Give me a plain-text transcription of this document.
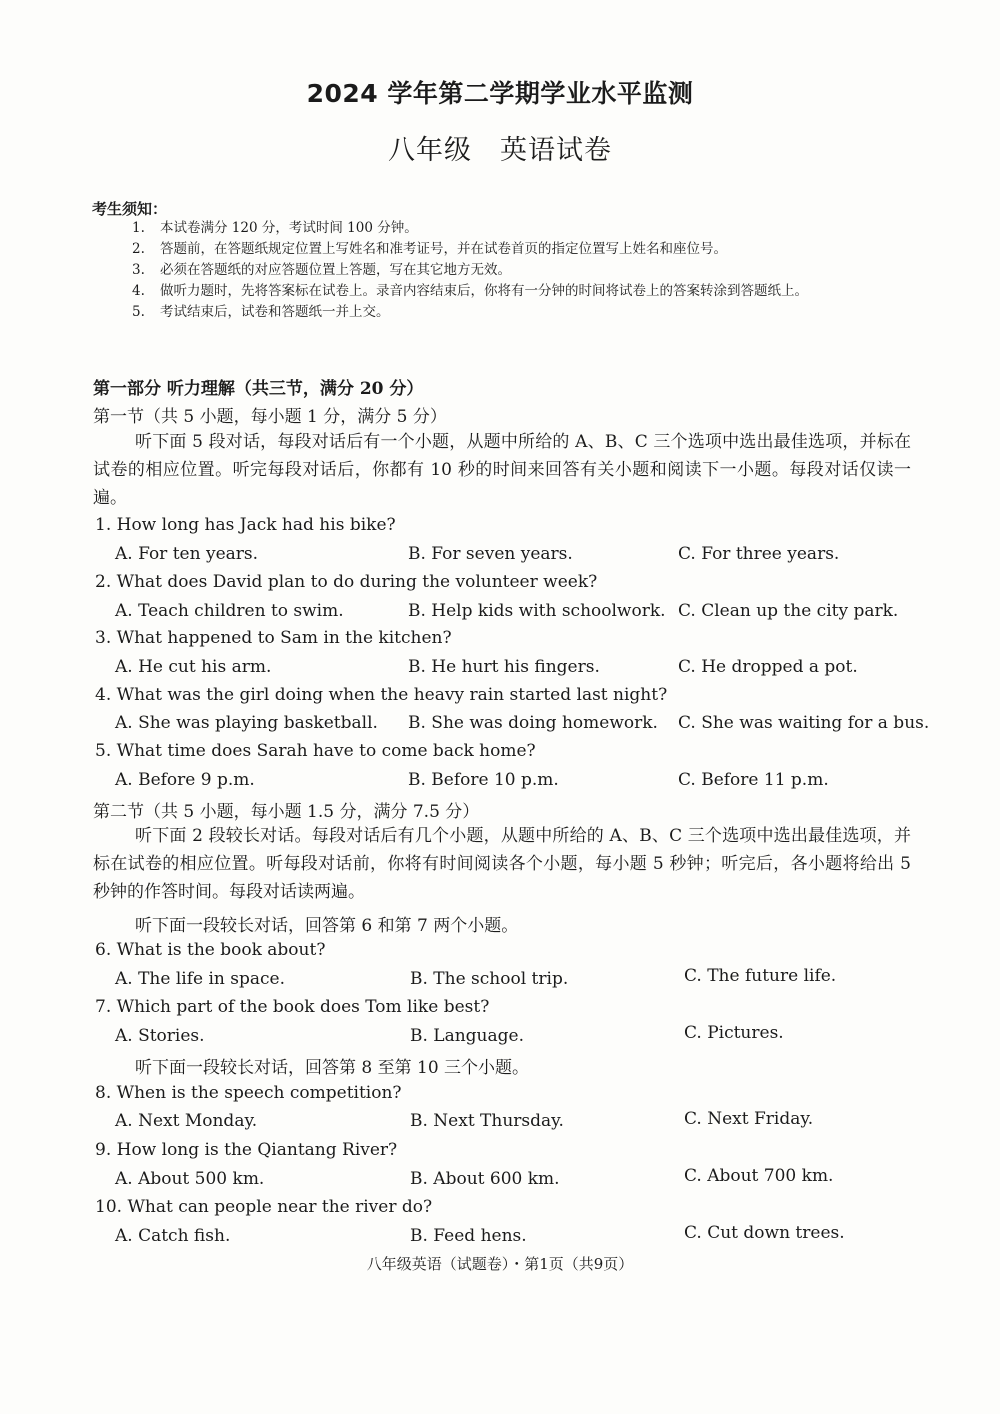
2024 学年第二学期学业水平监测
八年级　英语试卷
考生须知：
1.	本试卷满分 120 分，考试时间 100 分钟。
2.	答题前，在答题纸规定位置上写姓名和准考证号，并在试卷首页的指定位置写上姓名和座位号。
3.	必须在答题纸的对应答题位置上答题，写在其它地方无效。
4.	做听力题时，先将答案标在试卷上。录音内容结束后，你将有一分钟的时间将试卷上的答案转涂到答题纸上。
5.	考试结束后，试卷和答题纸一并上交。
第一部分 听力理解（共三节，满分 20 分）
第一节（共 5 小题，每小题 1 分，满分 5 分）
听下面 5 段对话，每段对话后有一个小题，从题中所给的 A、B、C 三个选项中选出最佳选项，并标在试卷的相应位置。听完每段对话后，你都有 10 秒的时间来回答有关小题和阅读下一小题。每段对话仅读一遍。
1. How long has Jack had his bike?
A. For ten years.	B. For seven years.	C. For three years.
2. What does David plan to do during the volunteer week?
A. Teach children to swim.	B. Help kids with schoolwork. C. Clean up the city park.
3. What happened to Sam in the kitchen?
A. He cut his arm.	B. He hurt his fingers.	C. He dropped a pot.
4. What was the girl doing when the heavy rain started last night?
A. She was playing basketball. B. She was doing homework. C. She was waiting for a bus.
5. What time does Sarah have to come back home?
A. Before 9 p.m.	B. Before 10 p.m.	C. Before 11 p.m.
第二节（共 5 小题，每小题 1.5 分，满分 7.5 分）
听下面 2 段较长对话。每段对话后有几个小题，从题中所给的 A、B、C 三个选项中选出最佳选项，并标在试卷的相应位置。听每段对话前，你将有时间阅读各个小题，每小题 5 秒钟；听完后，各小题将给出 5 秒钟的作答时间。每段对话读两遍。
听下面一段较长对话，回答第 6 和第 7 两个小题。
6. What is the book about?
A. The life in space.	B. The school trip.	C. The future life.
7. Which part of the book does Tom like best?
A. Stories.	B. Language.	C. Pictures.
听下面一段较长对话，回答第 8 至第 10 三个小题。
8. When is the speech competition?
A. Next Monday.	B. Next Thursday.	C. Next Friday.
9. How long is the Qiantang River?
A. About 500 km.	B. About 600 km.	C. About 700 km.
10. What can people near the river do?
A. Catch fish.	B. Feed hens.	C. Cut down trees.
八年级英语（试题卷）・第1页（共9页）
